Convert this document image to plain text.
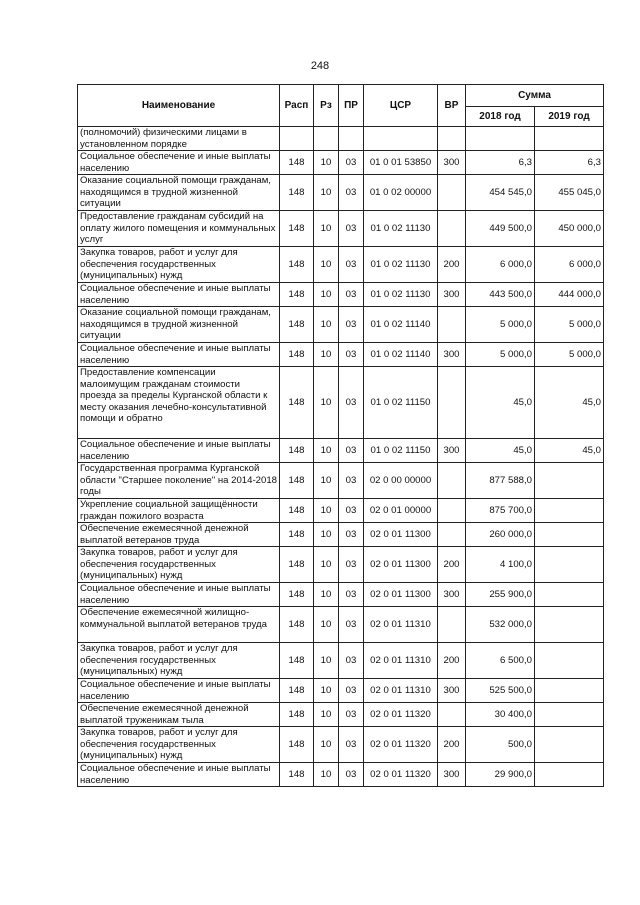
248
Наименование	Расп	Рз	ПР	ЦСР	ВР	Сумма	
						2018 год	2019 год
(полномочий) физическими лицами в установленном порядке							
Социальное обеспечение и иные выплаты населению	148	10	03	01 0 01 53850	300	6,3	6,3
Оказание социальной помощи гражданам, находящимся в трудной жизненной ситуации	148	10	03	01 0 02 00000		454 545,0	455 045,0
Предоставление гражданам субсидий на оплату жилого помещения и коммунальных услуг	148	10	03	01 0 02 11130		449 500,0	450 000,0
Закупка товаров, работ и услуг для обеспечения государственных (муниципальных) нужд	148	10	03	01 0 02 11130	200	6 000,0	6 000,0
Социальное обеспечение и иные выплаты населению	148	10	03	01 0 02 11130	300	443 500,0	444 000,0
Оказание социальной помощи гражданам, находящимся в трудной жизненной ситуации	148	10	03	01 0 02 11140		5 000,0	5 000,0
Социальное обеспечение и иные выплаты населению	148	10	03	01 0 02 11140	300	5 000,0	5 000,0
Предоставление компенсации малоимущим гражданам стоимости проезда за пределы Курганской области к месту оказания лечебно-консультативной помощи и обратно	148	10	03	01 0 02 11150		45,0	45,0
Социальное обеспечение и иные выплаты населению	148	10	03	01 0 02 11150	300	45,0	45,0
Государственная программа Курганской области "Старшее поколение" на 2014-2018 годы	148	10	03	02 0 00 00000		877 588,0	
Укрепление социальной защищённости граждан пожилого возраста	148	10	03	02 0 01 00000		875 700,0	
Обеспечение ежемесячной денежной выплатой ветеранов труда	148	10	03	02 0 01 11300		260 000,0	
Закупка товаров, работ и услуг для обеспечения государственных (муниципальных) нужд	148	10	03	02 0 01 11300	200	4 100,0	
Социальное обеспечение и иные выплаты населению	148	10	03	02 0 01 11300	300	255 900,0	
Обеспечение ежемесячной жилищно-коммунальной выплатой ветеранов труда	148	10	03	02 0 01 11310		532 000,0	
Закупка товаров, работ и услуг для обеспечения государственных (муниципальных) нужд	148	10	03	02 0 01 11310	200	6 500,0	
Социальное обеспечение и иные выплаты населению	148	10	03	02 0 01 11310	300	525 500,0	
Обеспечение ежемесячной денежной выплатой труженикам тыла	148	10	03	02 0 01 11320		30 400,0	
Закупка товаров, работ и услуг для обеспечения государственных (муниципальных) нужд	148	10	03	02 0 01 11320	200	500,0	
Социальное обеспечение и иные выплаты населению	148	10	03	02 0 01 11320	300	29 900,0	
